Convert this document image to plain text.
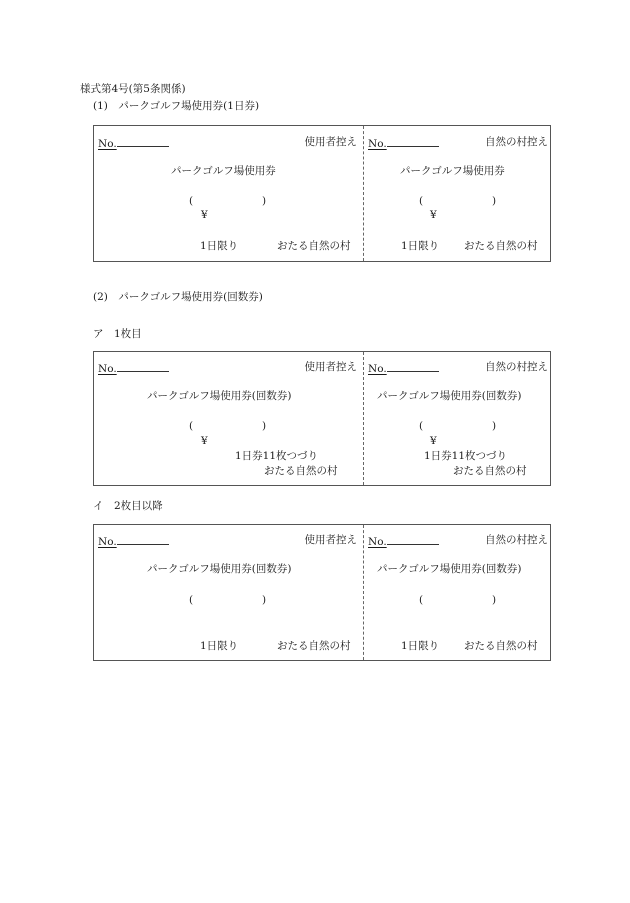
様式第4号(第5条関係)
(1)　パークゴルフ場使用券(1日券)
No.	使用者控え
パークゴルフ場使用券
(	)
¥
1日限り	おたる自然の村
No.	自然の村控え
パークゴルフ場使用券
(	)
¥
1日限り おたる自然の村
(2)　パークゴルフ場使用券(回数券)
ア　1枚目
No.	使用者控え
パークゴルフ場使用券(回数券)
(	)
¥
1日券11枚つづり
おたる自然の村
No.	自然の村控え
パークゴルフ場使用券(回数券)
(	)
¥
1日券11枚つづり
おたる自然の村
イ　2枚目以降
No.	使用者控え
パークゴルフ場使用券(回数券)
(	)
1日限り	おたる自然の村
No.	自然の村控え
パークゴルフ場使用券(回数券)
(	)
1日限り おたる自然の村
